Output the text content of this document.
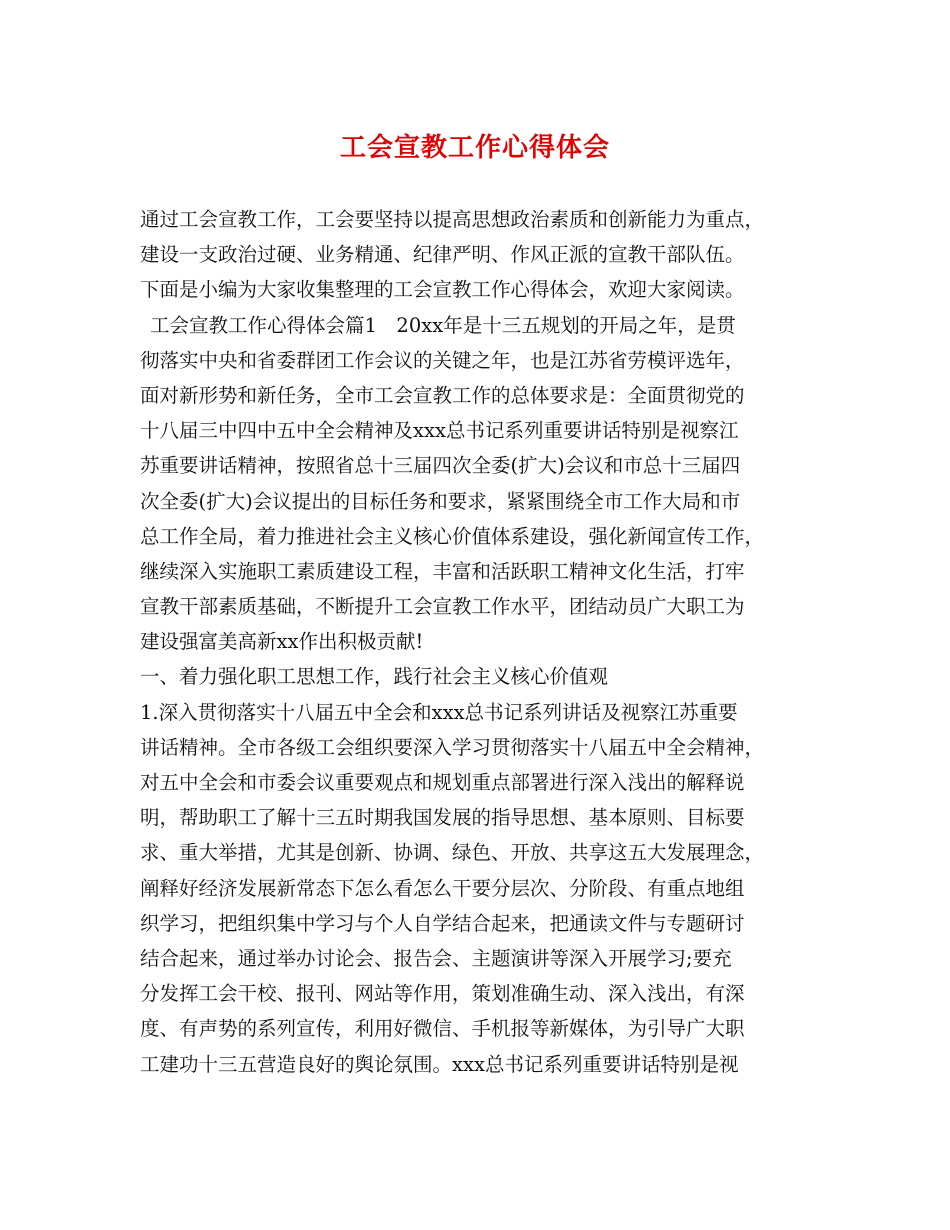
工会宣教工作心得体会
通过工会宣教工作，工会要坚持以提高思想政治素质和创新能力为重点，
建设一支政治过硬、业务精通、纪律严明、作风正派的宣教干部队伍。
下面是小编为大家收集整理的工会宣教工作心得体会，欢迎大家阅读。
工会宣教工作心得体会篇1　20xx年是十三五规划的开局之年，是贯
彻落实中央和省委群团工作会议的关键之年，也是江苏省劳模评选年，
面对新形势和新任务，全市工会宣教工作的总体要求是：全面贯彻党的
十八届三中四中五中全会精神及xxx总书记系列重要讲话特别是视察江
苏重要讲话精神，按照省总十三届四次全委(扩大)会议和市总十三届四
次全委(扩大)会议提出的目标任务和要求，紧紧围绕全市工作大局和市
总工作全局，着力推进社会主义核心价值体系建设，强化新闻宣传工作，
继续深入实施职工素质建设工程，丰富和活跃职工精神文化生活，打牢
宣教干部素质基础，不断提升工会宣教工作水平，团结动员广大职工为
建设强富美高新xx作出积极贡献!
一、着力强化职工思想工作，践行社会主义核心价值观
1.深入贯彻落实十八届五中全会和xxx总书记系列讲话及视察江苏重要
讲话精神。全市各级工会组织要深入学习贯彻落实十八届五中全会精神，
对五中全会和市委会议重要观点和规划重点部署进行深入浅出的解释说
明，帮助职工了解十三五时期我国发展的指导思想、基本原则、目标要
求、重大举措，尤其是创新、协调、绿色、开放、共享这五大发展理念，
阐释好经济发展新常态下怎么看怎么干要分层次、分阶段、有重点地组
织学习，把组织集中学习与个人自学结合起来，把通读文件与专题研讨
结合起来，通过举办讨论会、报告会、主题演讲等深入开展学习;要充
分发挥工会干校、报刊、网站等作用，策划准确生动、深入浅出，有深
度、有声势的系列宣传，利用好微信、手机报等新媒体，为引导广大职
工建功十三五营造良好的舆论氛围。xxx总书记系列重要讲话特别是视
